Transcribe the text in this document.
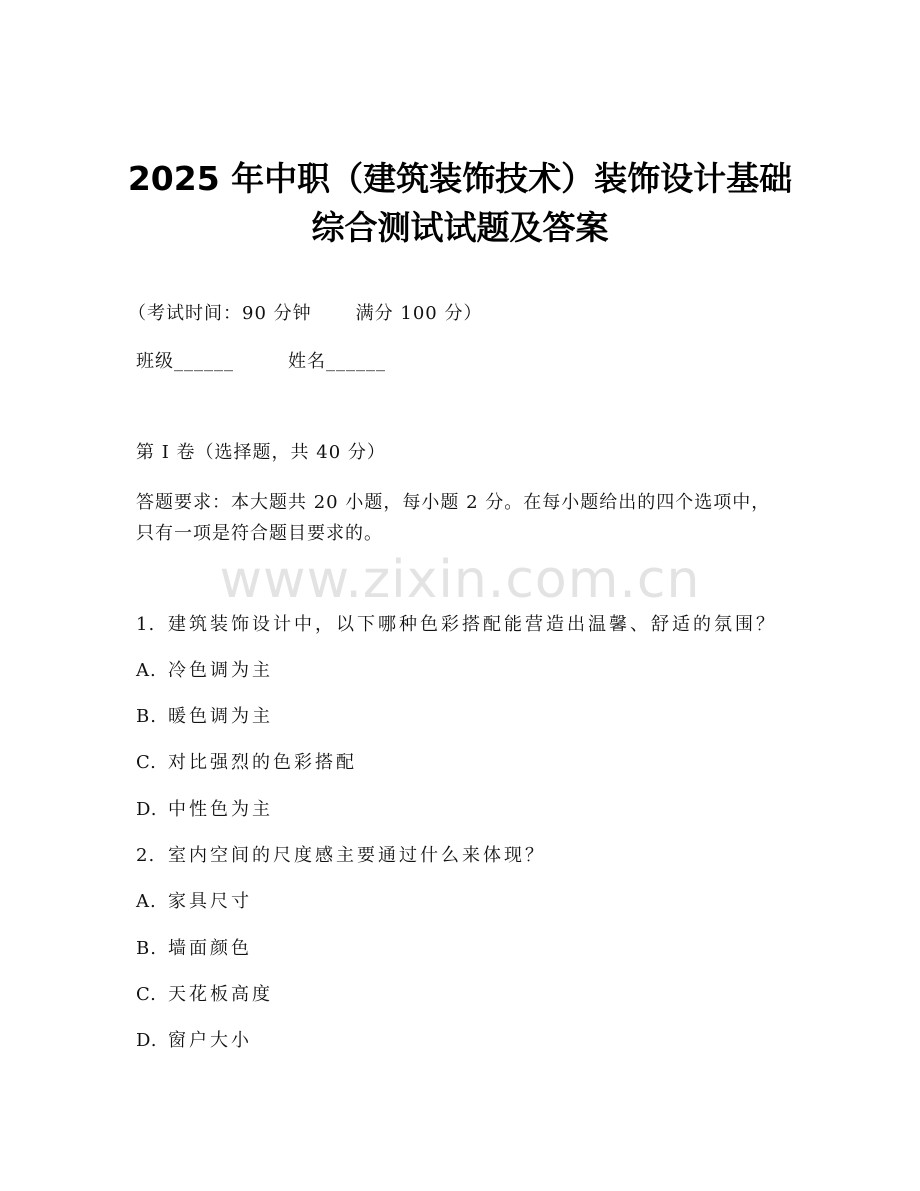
2025 年中职（建筑装饰技术）装饰设计基础
综合测试试题及答案
（考试时间：90 分钟 满分 100 分）
班级______	姓名______
第 I 卷（选择题，共 40 分）
答题要求：本大题共 20 小题，每小题 2 分。在每小题给出的四个选项中，只有一项是符合题目要求的。
www.zixin.com.cn
1. 建筑装饰设计中，以下哪种色彩搭配能营造出温馨、舒适的氛围？
A. 冷色调为主
B. 暖色调为主
C. 对比强烈的色彩搭配
D. 中性色为主
2. 室内空间的尺度感主要通过什么来体现？
A. 家具尺寸
B. 墙面颜色
C. 天花板高度
D. 窗户大小
